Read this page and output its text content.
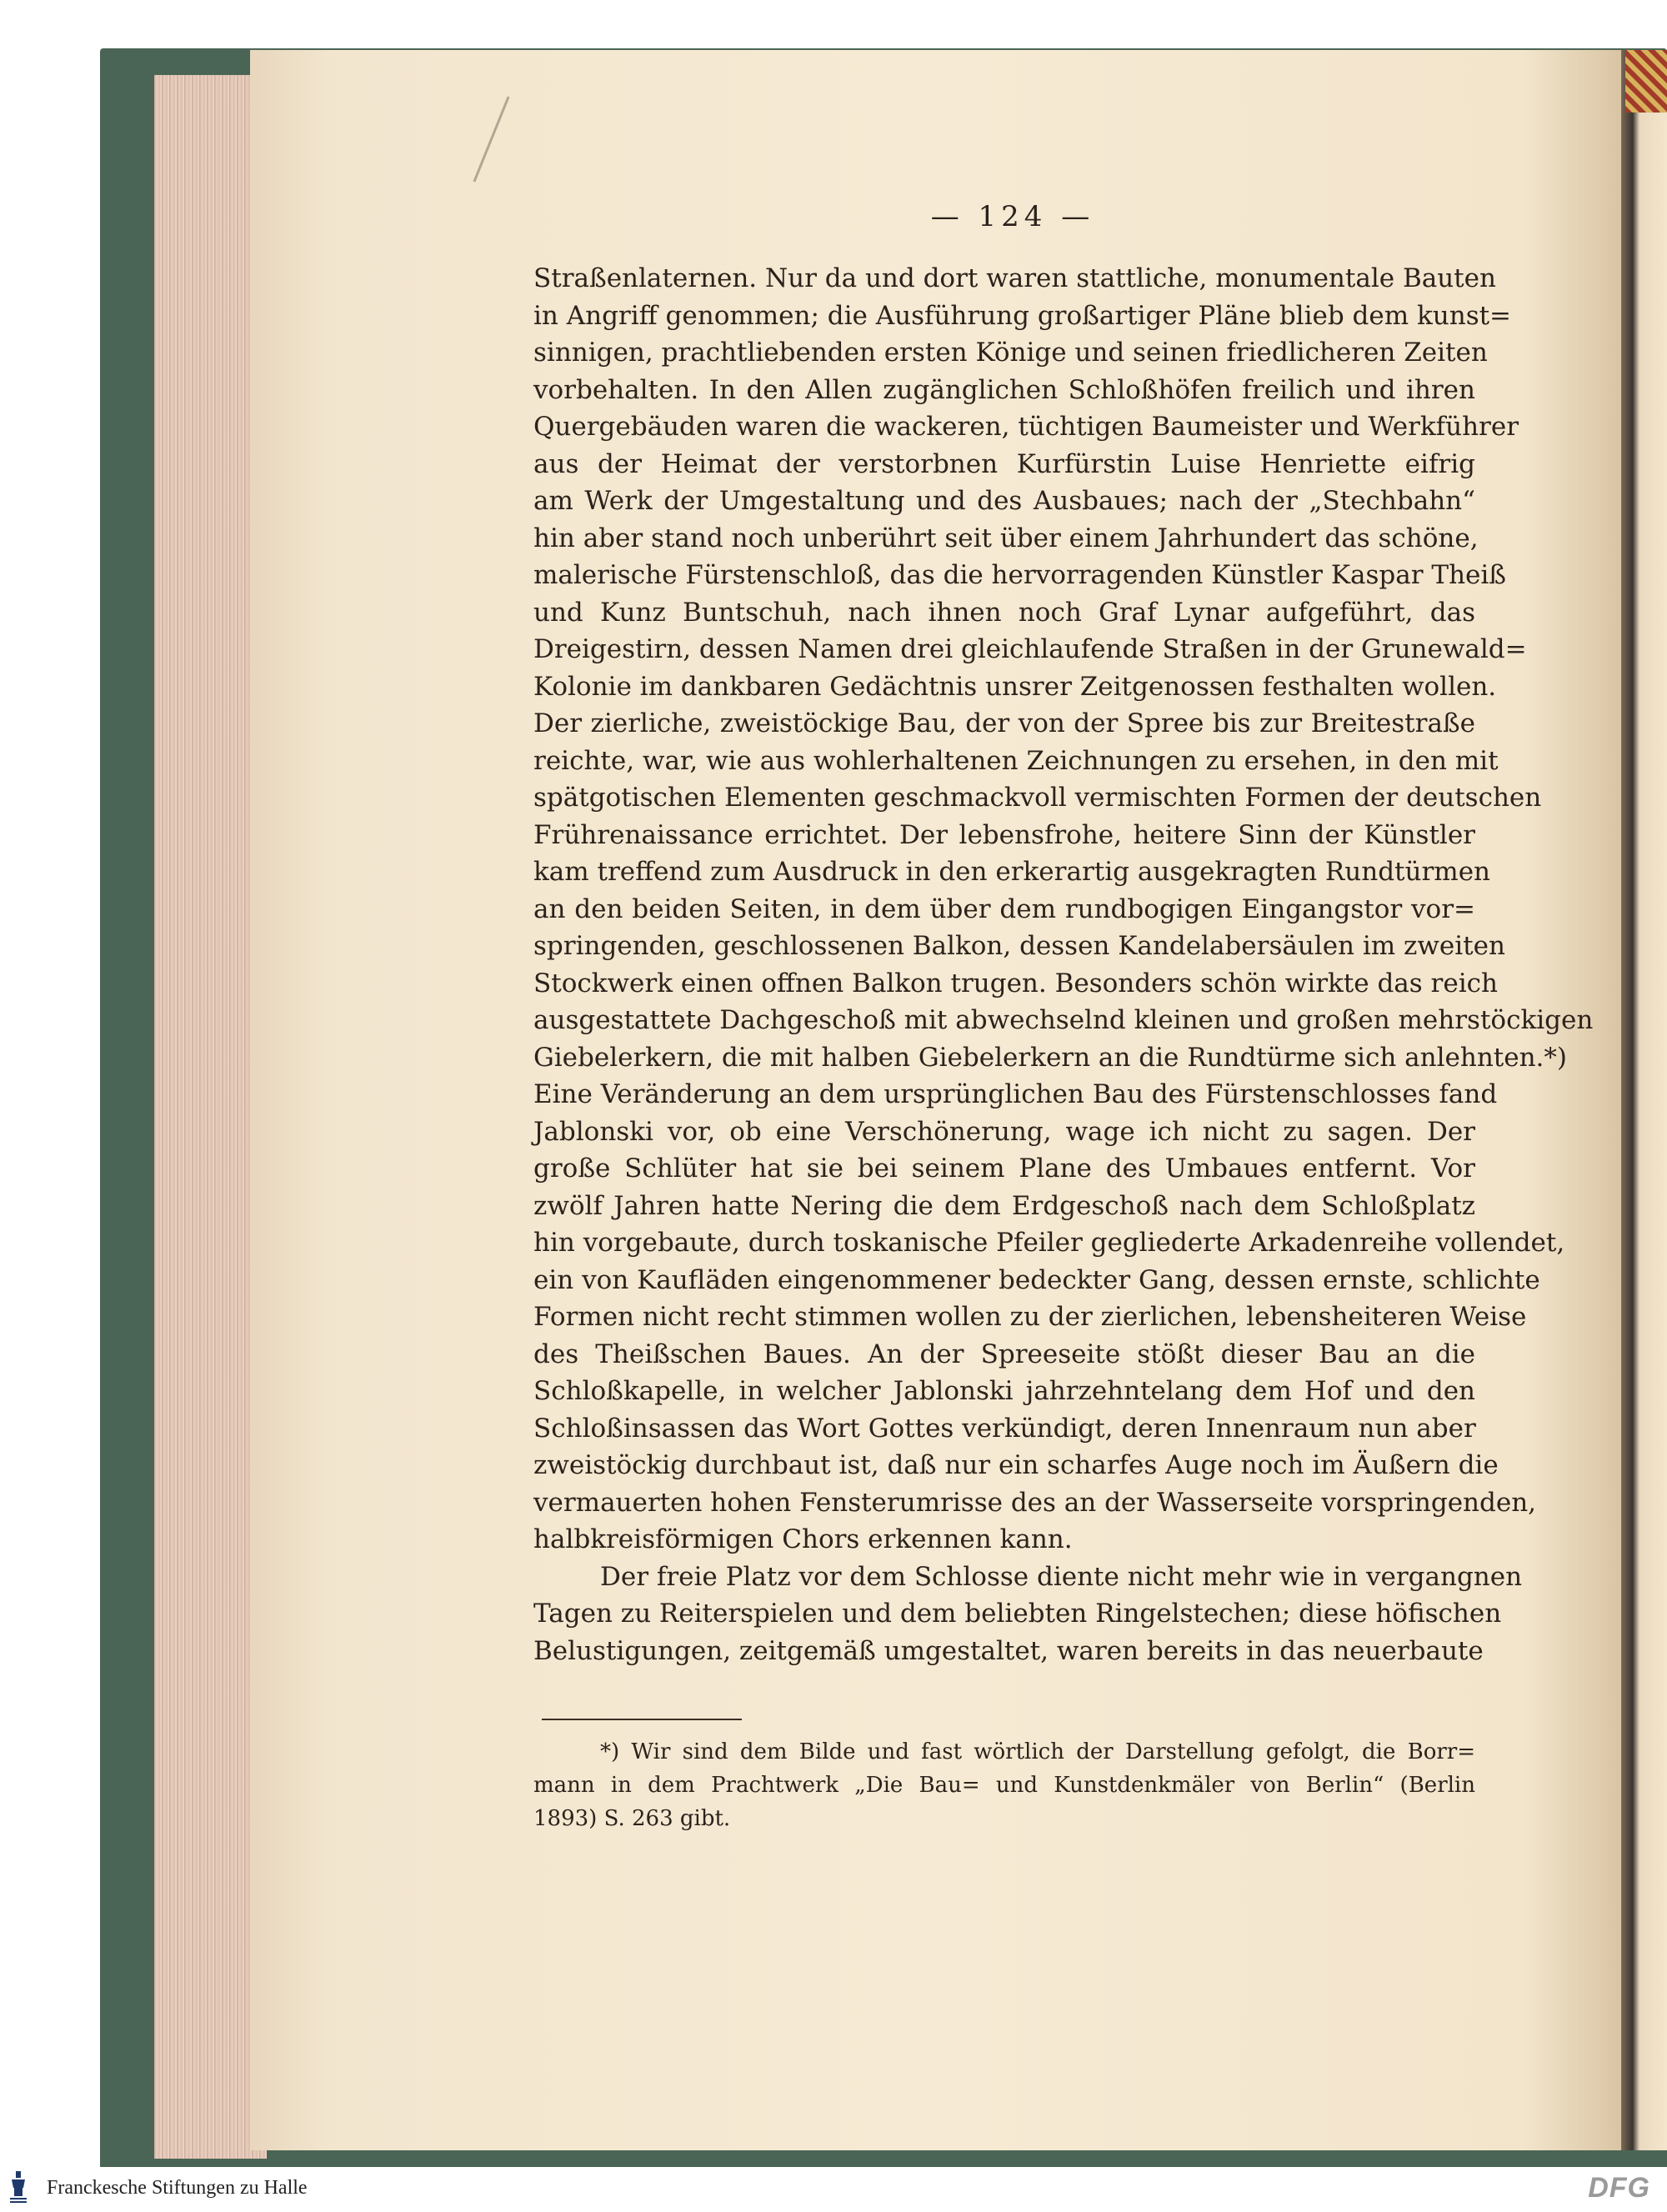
— 124 —
Straßenlaternen. Nur da und dort waren stattliche, monumentale Bauten
in Angriff genommen; die Ausführung großartiger Pläne blieb dem kunst=
sinnigen, prachtliebenden ersten Könige und seinen friedlicheren Zeiten
vorbehalten. In den Allen zugänglichen Schloßhöfen freilich und ihren
Quergebäuden waren die wackeren, tüchtigen Baumeister und Werkführer
aus der Heimat der verstorbnen Kurfürstin Luise Henriette eifrig
am Werk der Umgestaltung und des Ausbaues; nach der „Stechbahn“
hin aber stand noch unberührt seit über einem Jahrhundert das schöne,
malerische Fürstenschloß, das die hervorragenden Künstler Kaspar Theiß
und Kunz Buntschuh, nach ihnen noch Graf Lynar aufgeführt, das
Dreigestirn, dessen Namen drei gleichlaufende Straßen in der Grunewald=
Kolonie im dankbaren Gedächtnis unsrer Zeitgenossen festhalten wollen.
Der zierliche, zweistöckige Bau, der von der Spree bis zur Breitestraße
reichte, war, wie aus wohlerhaltenen Zeichnungen zu ersehen, in den mit
spätgotischen Elementen geschmackvoll vermischten Formen der deutschen
Frührenaissance errichtet. Der lebensfrohe, heitere Sinn der Künstler
kam treffend zum Ausdruck in den erkerartig ausgekragten Rundtürmen
an den beiden Seiten, in dem über dem rundbogigen Eingangstor vor=
springenden, geschlossenen Balkon, dessen Kandelabersäulen im zweiten
Stockwerk einen offnen Balkon trugen. Besonders schön wirkte das reich
ausgestattete Dachgeschoß mit abwechselnd kleinen und großen mehrstöckigen
Giebelerkern, die mit halben Giebelerkern an die Rundtürme sich anlehnten.*)
Eine Veränderung an dem ursprünglichen Bau des Fürstenschlosses fand
Jablonski vor, ob eine Verschönerung, wage ich nicht zu sagen. Der
große Schlüter hat sie bei seinem Plane des Umbaues entfernt. Vor
zwölf Jahren hatte Nering die dem Erdgeschoß nach dem Schloßplatz
hin vorgebaute, durch toskanische Pfeiler gegliederte Arkadenreihe vollendet,
ein von Kaufläden eingenommener bedeckter Gang, dessen ernste, schlichte
Formen nicht recht stimmen wollen zu der zierlichen, lebensheiteren Weise
des Theißschen Baues. An der Spreeseite stößt dieser Bau an die
Schloßkapelle, in welcher Jablonski jahrzehntelang dem Hof und den
Schloßinsassen das Wort Gottes verkündigt, deren Innenraum nun aber
zweistöckig durchbaut ist, daß nur ein scharfes Auge noch im Äußern die
vermauerten hohen Fensterumrisse des an der Wasserseite vorspringenden,
halbkreisförmigen Chors erkennen kann.
Der freie Platz vor dem Schlosse diente nicht mehr wie in vergangnen
Tagen zu Reiterspielen und dem beliebten Ringelstechen; diese höfischen
Belustigungen, zeitgemäß umgestaltet, waren bereits in das neuerbaute
*) Wir sind dem Bilde und fast wörtlich der Darstellung gefolgt, die Borr=
mann in dem Prachtwerk „Die Bau= und Kunstdenkmäler von Berlin“ (Berlin
1893) S. 263 gibt.
Franckesche Stiftungen zu Halle	DFG
